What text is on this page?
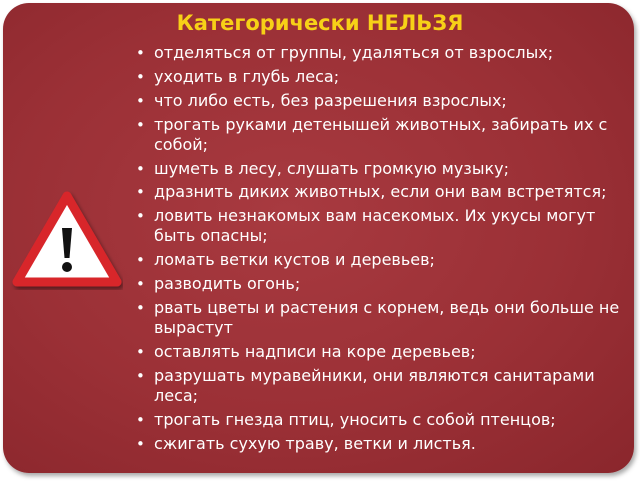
Категорически НЕЛЬЗЯ
• отделяться от группы, удаляться от взрослых;
• уходить в глубь леса;
• что либо есть, без разрешения взрослых;
• трогать руками детенышей животных, забирать их с собой;
• шуметь в лесу, слушать громкую музыку;
• дразнить диких животных, если они вам встретятся;
• ловить незнакомых вам насекомых. Их укусы могут быть опасны;
• ломать ветки кустов и деревьев;
• разводить огонь;
• рвать цветы и растения с корнем, ведь они больше не вырастут
• оставлять надписи на коре деревьев;
• разрушать муравейники, они являются санитарами леса;
• трогать гнезда птиц, уносить с собой птенцов;
• сжигать сухую траву, ветки и листья.
